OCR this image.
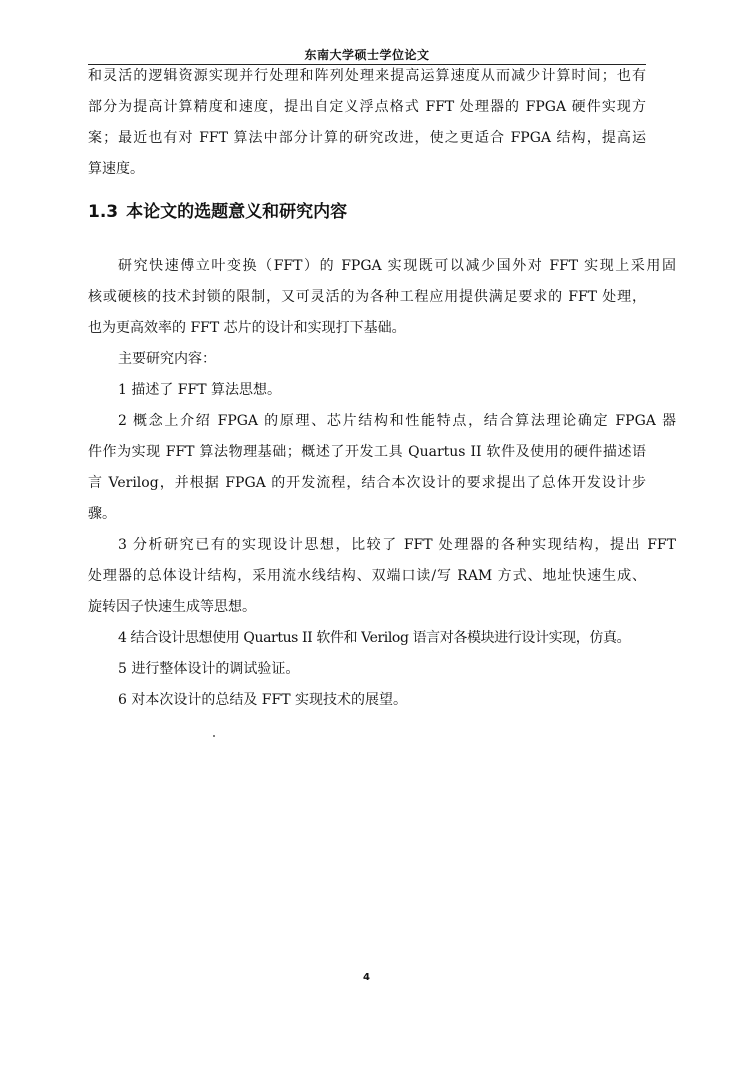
东南大学硕士学位论文
和灵活的逻辑资源实现并行处理和阵列处理来提高运算速度从而减少计算时间；也有
部分为提高计算精度和速度，提出自定义浮点格式 FFT 处理器的 FPGA 硬件实现方
案；最近也有对 FFT 算法中部分计算的研究改进，使之更适合 FPGA 结构，提高运
算速度。
1.3 本论文的选题意义和研究内容
研究快速傅立叶变换（FFT）的 FPGA 实现既可以减少国外对 FFT 实现上采用固
核或硬核的技术封锁的限制，又可灵活的为各种工程应用提供满足要求的 FFT 处理，
也为更高效率的 FFT 芯片的设计和实现打下基础。
主要研究内容：
1 描述了 FFT 算法思想。
2 概念上介绍 FPGA 的原理、芯片结构和性能特点，结合算法理论确定 FPGA 器
件作为实现 FFT 算法物理基础；概述了开发工具 Quartus II 软件及使用的硬件描述语
言 Verilog，并根据 FPGA 的开发流程，结合本次设计的要求提出了总体开发设计步
骤。
3 分析研究已有的实现设计思想，比较了 FFT 处理器的各种实现结构，提出 FFT
处理器的总体设计结构，采用流水线结构、双端口读/写 RAM 方式、地址快速生成、
旋转因子快速生成等思想。
4 结合设计思想使用 Quartus II 软件和 Verilog 语言对各模块进行设计实现，仿真。
5 进行整体设计的调试验证。
6 对本次设计的总结及 FFT 实现技术的展望。
4
